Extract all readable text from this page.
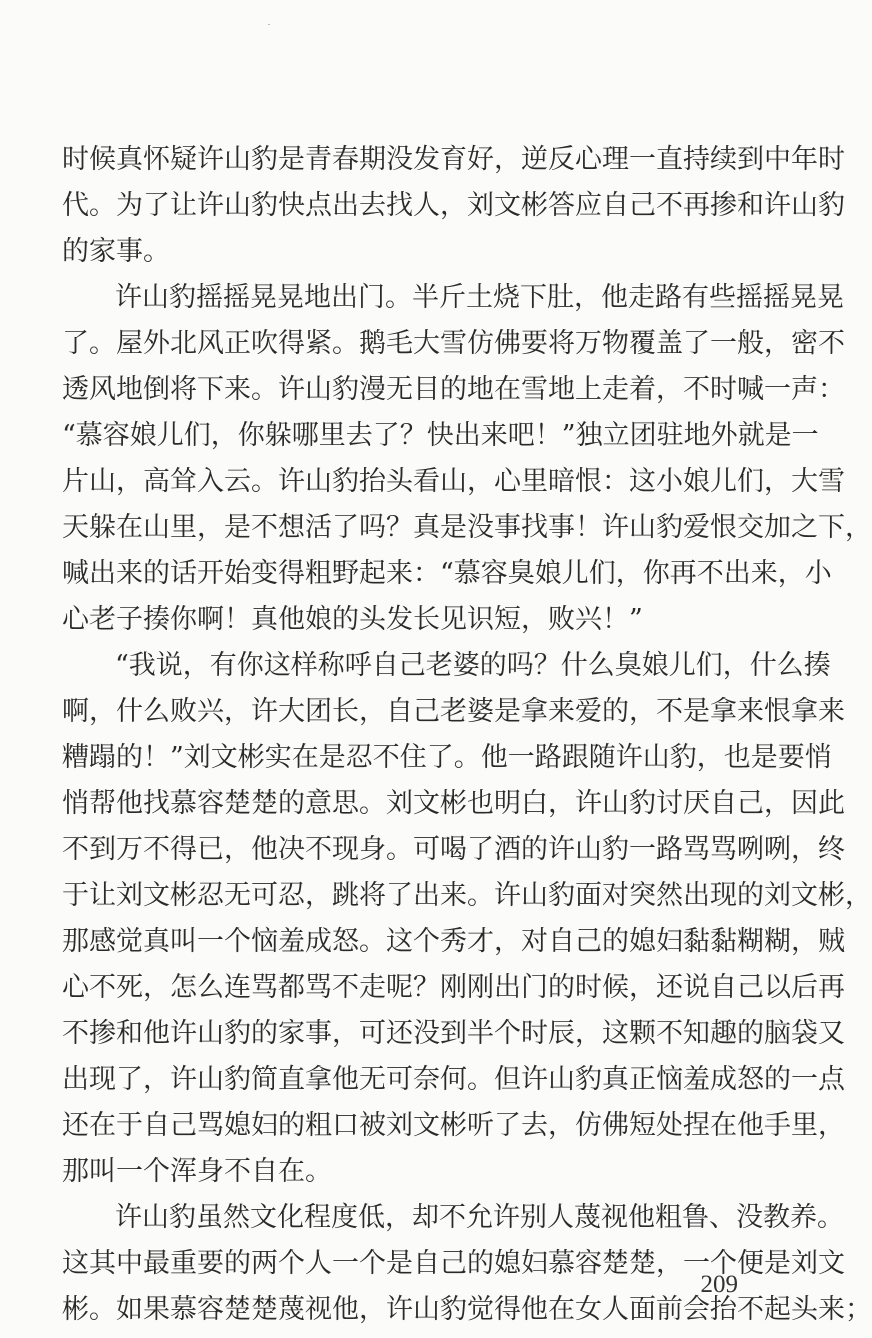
时候真怀疑许山豹是青春期没发育好，逆反心理一直持续到中年时
代。为了让许山豹快点出去找人，刘文彬答应自己不再掺和许山豹
的家事。
许山豹摇摇晃晃地出门。半斤土烧下肚，他走路有些摇摇晃晃
了。屋外北风正吹得紧。鹅毛大雪仿佛要将万物覆盖了一般，密不
透风地倒将下来。许山豹漫无目的地在雪地上走着，不时喊一声：
“慕容娘儿们，你躲哪里去了？快出来吧！”独立团驻地外就是一
片山，高耸入云。许山豹抬头看山，心里暗恨：这小娘儿们，大雪
天躲在山里，是不想活了吗？真是没事找事！许山豹爱恨交加之下，
喊出来的话开始变得粗野起来：“慕容臭娘儿们，你再不出来，小
心老子揍你啊！真他娘的头发长见识短，败兴！”
“我说，有你这样称呼自己老婆的吗？什么臭娘儿们，什么揍
啊，什么败兴，许大团长，自己老婆是拿来爱的，不是拿来恨拿来
糟蹋的！”刘文彬实在是忍不住了。他一路跟随许山豹，也是要悄
悄帮他找慕容楚楚的意思。刘文彬也明白，许山豹讨厌自己，因此
不到万不得已，他决不现身。可喝了酒的许山豹一路骂骂咧咧，终
于让刘文彬忍无可忍，跳将了出来。许山豹面对突然出现的刘文彬，
那感觉真叫一个恼羞成怒。这个秀才，对自己的媳妇黏黏糊糊，贼
心不死，怎么连骂都骂不走呢？刚刚出门的时候，还说自己以后再
不掺和他许山豹的家事，可还没到半个时辰，这颗不知趣的脑袋又
出现了，许山豹简直拿他无可奈何。但许山豹真正恼羞成怒的一点
还在于自己骂媳妇的粗口被刘文彬听了去，仿佛短处捏在他手里，
那叫一个浑身不自在。
许山豹虽然文化程度低，却不允许别人蔑视他粗鲁、没教养。
这其中最重要的两个人一个是自己的媳妇慕容楚楚，一个便是刘文
彬。如果慕容楚楚蔑视他，许山豹觉得他在女人面前会抬不起头来；
209
